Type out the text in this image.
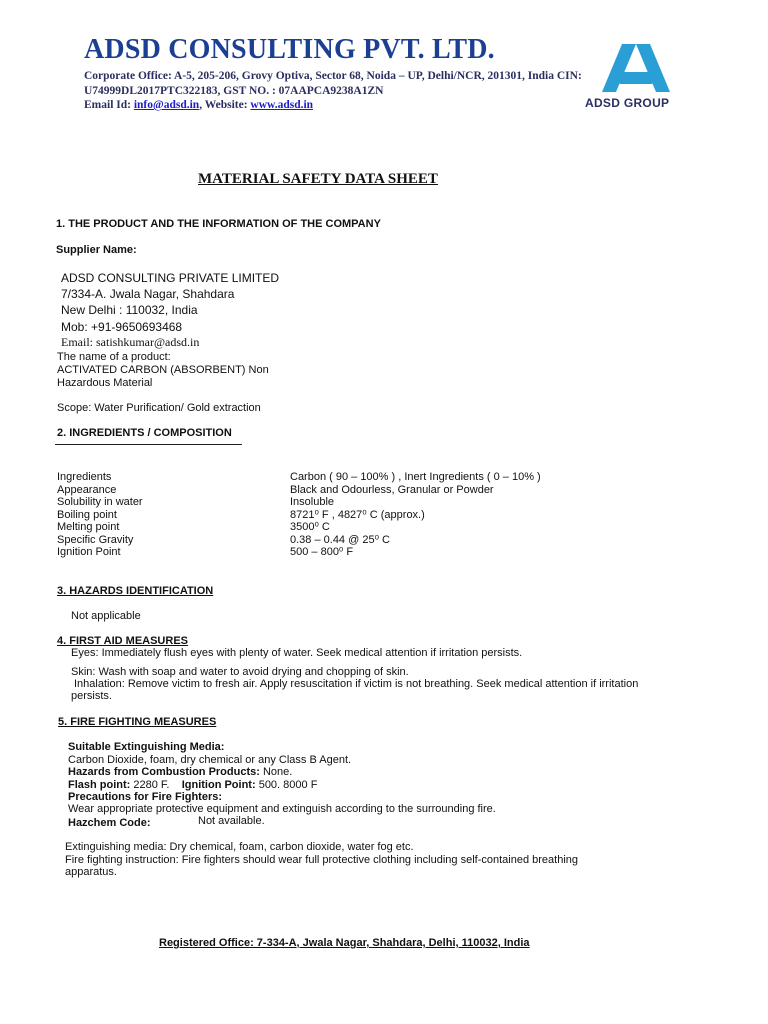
ADSD CONSULTING PVT. LTD.
Corporate Office: A-5, 205-206, Grovy Optiva, Sector 68, Noida – UP, Delhi/NCR, 201301, India CIN:
U74999DL2017PTC322183, GST NO. : 07AAPCA9238A1ZN
Email Id: info@adsd.in, Website: www.adsd.in	ADSD GROUP
MATERIAL SAFETY DATA SHEET
1. THE PRODUCT AND THE INFORMATION OF THE COMPANY
Supplier Name:
ADSD CONSULTING PRIVATE LIMITED
7/334-A. Jwala Nagar, Shahdara
New Delhi : 110032, India
Mob: +91-9650693468
Email: satishkumar@adsd.in
The name of a product:
ACTIVATED CARBON (ABSORBENT) Non
Hazardous Material
Scope: Water Purification/ Gold extraction
2. INGREDIENTS / COMPOSITION
Ingredients	Carbon ( 90 – 100% ) , Inert Ingredients ( 0 – 10% )
Appearance	Black and Odourless, Granular or Powder
Solubility in water	Insoluble
Boiling point	8721⁰ F , 4827⁰ C (approx.)
Melting point	3500⁰ C
Specific Gravity	0.38 – 0.44 @ 25⁰ C
Ignition Point	500 – 800⁰ F
3. HAZARDS IDENTIFICATION
Not applicable
4. FIRST AID MEASURES
Eyes: Immediately flush eyes with plenty of water. Seek medical attention if irritation persists.
Skin: Wash with soap and water to avoid drying and chopping of skin.
Inhalation: Remove victim to fresh air. Apply resuscitation if victim is not breathing. Seek medical attention if irritation
persists.
5. FIRE FIGHTING MEASURES
Suitable Extinguishing Media:
Carbon Dioxide, foam, dry chemical or any Class B Agent.
Hazards from Combustion Products: None.
Flash point: 2280 F.    Ignition Point: 500. 8000 F
Precautions for Fire Fighters:
Wear appropriate protective equipment and extinguish according to the surrounding fire.
Hazchem Code:	Not available.
Extinguishing media: Dry chemical, foam, carbon dioxide, water fog etc.
Fire fighting instruction: Fire fighters should wear full protective clothing including self-contained breathing
apparatus.
Registered Office: 7-334-A, Jwala Nagar, Shahdara, Delhi, 110032, India
